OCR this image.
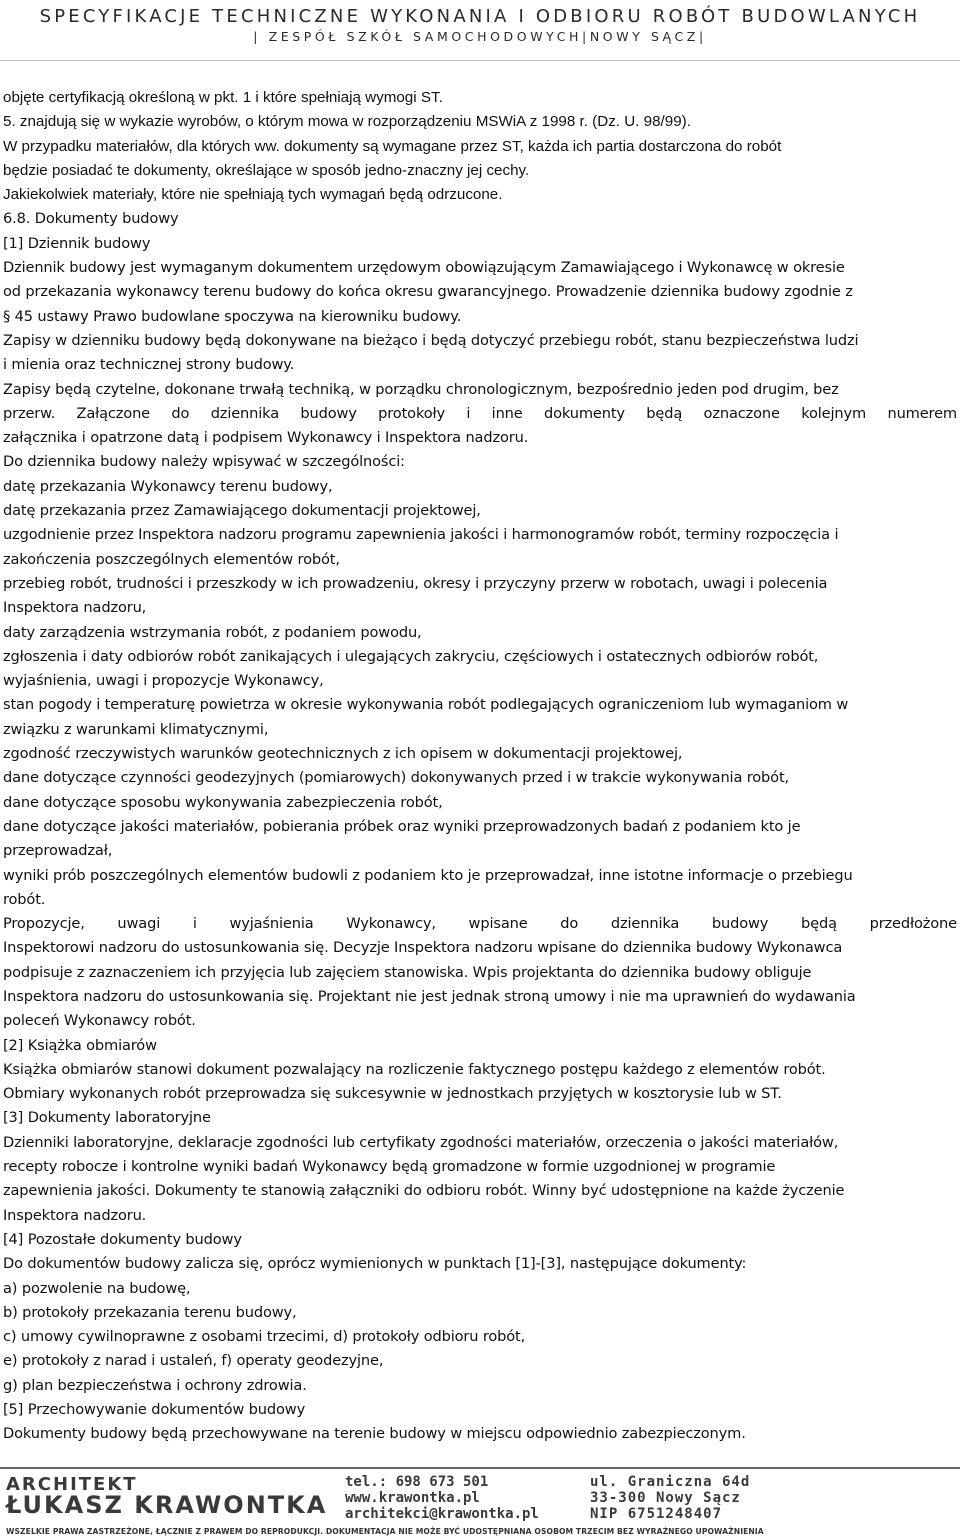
SPECYFIKACJE TECHNICZNE WYKONANIA I ODBIORU ROBÓT BUDOWLANYCH
| ZESPÓŁ SZKÓŁ SAMOCHODOWYCH|NOWY SĄCZ|
objęte certyfikacją określoną w pkt. 1 i które spełniają wymogi ST.
5. znajdują się w wykazie wyrobów, o którym mowa w rozporządzeniu MSWiA z 1998 r. (Dz. U. 98/99).
W przypadku materiałów, dla których ww. dokumenty są wymagane przez ST, każda ich partia dostarczona do robót
będzie posiadać te dokumenty, określające w sposób jedno-znaczny jej cechy.
Jakiekolwiek materiały, które nie spełniają tych wymagań będą odrzucone.
6.8. Dokumenty budowy
[1] Dziennik budowy
Dziennik budowy jest wymaganym dokumentem urzędowym obowiązującym Zamawiającego i Wykonawcę w okresie
od przekazania wykonawcy terenu budowy do końca okresu gwarancyjnego. Prowadzenie dziennika budowy zgodnie z
§ 45 ustawy Prawo budowlane spoczywa na kierowniku budowy.
Zapisy w dzienniku budowy będą dokonywane na bieżąco i będą dotyczyć przebiegu robót, stanu bezpieczeństwa ludzi
i mienia oraz technicznej strony budowy.
Zapisy będą czytelne, dokonane trwałą techniką, w porządku chronologicznym, bezpośrednio jeden pod drugim, bez
przerw. Załączone do dziennika budowy protokoły i inne dokumenty będą oznaczone kolejnym numerem
załącznika i opatrzone datą i podpisem Wykonawcy i Inspektora nadzoru.
Do dziennika budowy należy wpisywać w szczególności:
datę przekazania Wykonawcy terenu budowy,
datę przekazania przez Zamawiającego dokumentacji projektowej,
uzgodnienie przez Inspektora nadzoru programu zapewnienia jakości i harmonogramów robót, terminy rozpoczęcia i
zakończenia poszczególnych elementów robót,
przebieg robót, trudności i przeszkody w ich prowadzeniu, okresy i przyczyny przerw w robotach, uwagi i polecenia
Inspektora nadzoru,
daty zarządzenia wstrzymania robót, z podaniem powodu,
zgłoszenia i daty odbiorów robót zanikających i ulegających zakryciu, częściowych i ostatecznych odbiorów robót,
wyjaśnienia, uwagi i propozycje Wykonawcy,
stan pogody i temperaturę powietrza w okresie wykonywania robót podlegających ograniczeniom lub wymaganiom w
związku z warunkami klimatycznymi,
zgodność rzeczywistych warunków geotechnicznych z ich opisem w dokumentacji projektowej,
dane dotyczące czynności geodezyjnych (pomiarowych) dokonywanych przed i w trakcie wykonywania robót,
dane dotyczące sposobu wykonywania zabezpieczenia robót,
dane dotyczące jakości materiałów, pobierania próbek oraz wyniki przeprowadzonych badań z podaniem kto je
przeprowadzał,
wyniki prób poszczególnych elementów budowli z podaniem kto je przeprowadzał, inne istotne informacje o przebiegu
robót.
Propozycje, uwagi i wyjaśnienia Wykonawcy, wpisane do dziennika budowy będą przedłożone
Inspektorowi nadzoru do ustosunkowania się. Decyzje Inspektora nadzoru wpisane do dziennika budowy Wykonawca
podpisuje z zaznaczeniem ich przyjęcia lub zajęciem stanowiska. Wpis projektanta do dziennika budowy obliguje
Inspektora nadzoru do ustosunkowania się. Projektant nie jest jednak stroną umowy i nie ma uprawnień do wydawania
poleceń Wykonawcy robót.
[2] Książka obmiarów
Książka obmiarów stanowi dokument pozwalający na rozliczenie faktycznego postępu każdego z elementów robót.
Obmiary wykonanych robót przeprowadza się sukcesywnie w jednostkach przyjętych w kosztorysie lub w ST.
[3] Dokumenty laboratoryjne
Dzienniki laboratoryjne, deklaracje zgodności lub certyfikaty zgodności materiałów, orzeczenia o jakości materiałów,
recepty robocze i kontrolne wyniki badań Wykonawcy będą gromadzone w formie uzgodnionej w programie
zapewnienia jakości. Dokumenty te stanowią załączniki do odbioru robót. Winny być udostępnione na każde życzenie
Inspektora nadzoru.
[4] Pozostałe dokumenty budowy
Do dokumentów budowy zalicza się, oprócz wymienionych w punktach [1]-[3], następujące dokumenty:
a) pozwolenie na budowę,
b) protokoły przekazania terenu budowy,
c) umowy cywilnoprawne z osobami trzecimi, d) protokoły odbioru robót,
e) protokoły z narad i ustaleń, f) operaty geodezyjne,
g) plan bezpieczeństwa i ochrony zdrowia.
[5] Przechowywanie dokumentów budowy
Dokumenty budowy będą przechowywane na terenie budowy w miejscu odpowiednio zabezpieczonym.
ARCHITEKT
ŁUKASZ KRAWONTKA
tel.: 698 673 501
www.krawontka.pl
architekci@krawontka.pl
ul. Graniczna 64d
33-300 Nowy Sącz
NIP 6751248407
WSZELKIE PRAWA ZASTRZEŻONE, ŁĄCZNIE Z PRAWEM DO REPRODUKCJI. DOKUMENTACJA NIE MOŻE BYĆ UDOSTĘPNIANA OSOBOM TRZECIM BEZ WYRAŹNEGO UPOWAŻNIENIA
